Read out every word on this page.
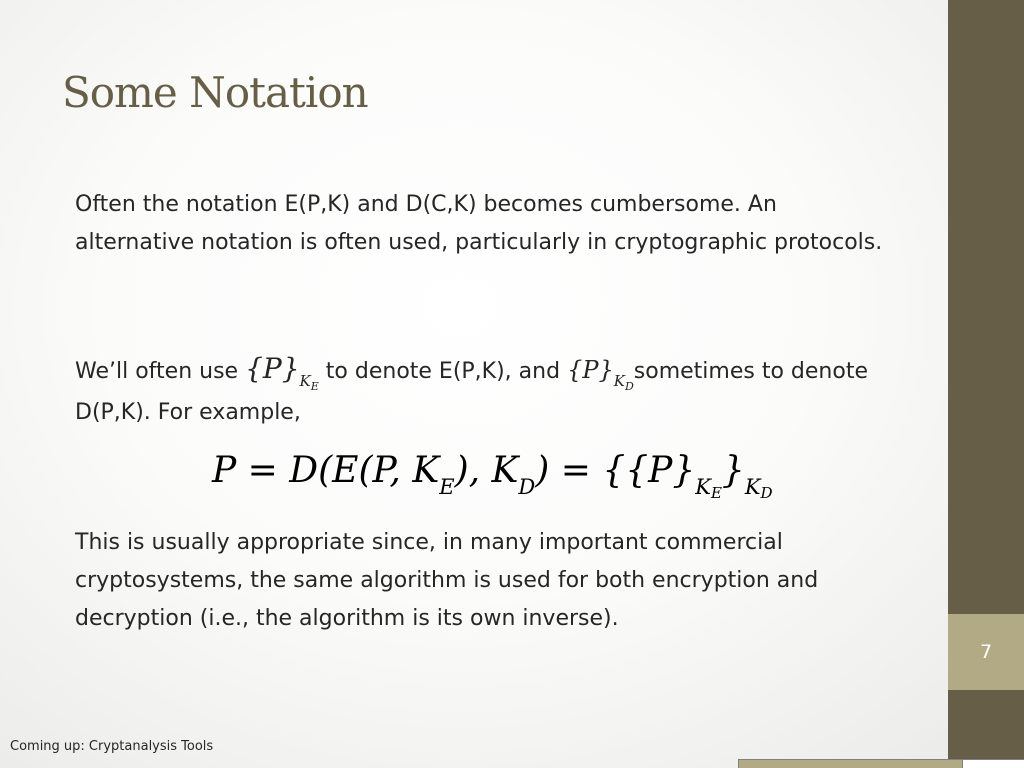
7
Some Notation

Often the notation E(P,K) and D(C,K) becomes cumbersome. An alternative notation is often used, particularly in cryptographic protocols.

We’ll often use $\{P\}_{K_E}$ to denote E(P,K), and $\{P\}_{K_D}sometimes$ to denote D(P,K). For example,

P = D(E(P, $K_E$), $K_D) = \{\{P\}_{KE}\}_{KD}$

This is usually appropriate since, in many important commercial cryptosystems, the same algorithm is used for both encryption and decryption (i.e., the algorithm is its own inverse).

Coming up: Cryptanalysis Tools
